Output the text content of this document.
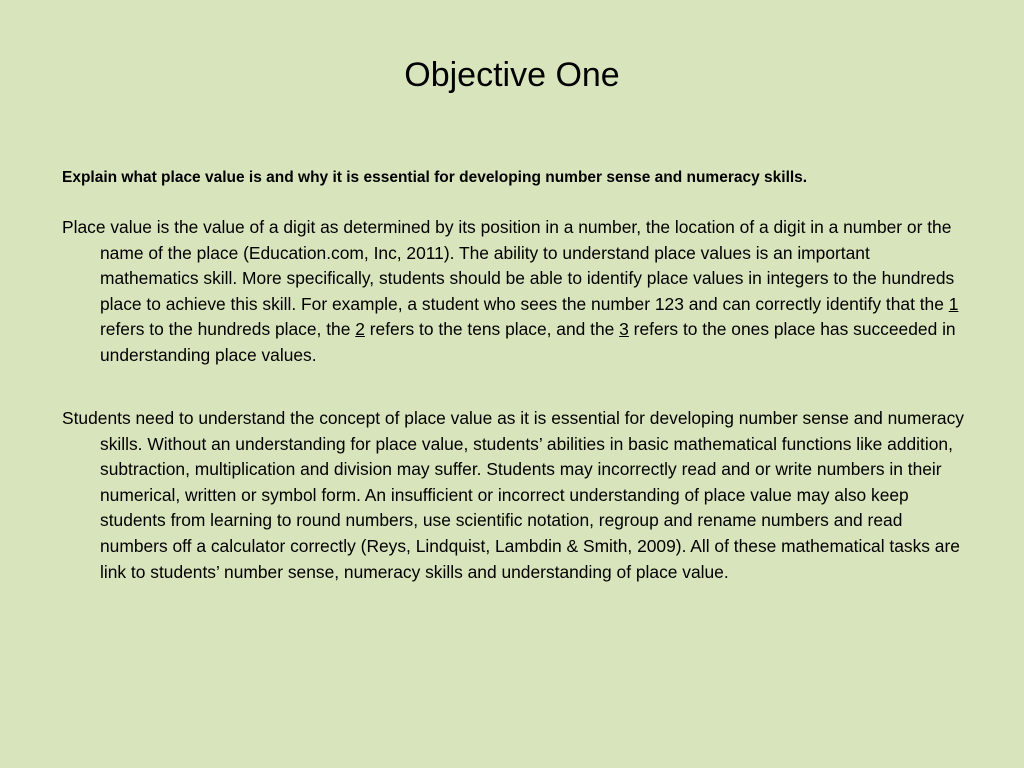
Objective One

Explain what place value is and why it is essential for developing number sense and numeracy skills.

Place value is the value of a digit as determined by its position in a number, the location of a digit in a number or the name of the place (Education.com, Inc, 2011). The ability to understand place values is an important mathematics skill. More specifically, students should be able to identify place values in integers to the hundreds place to achieve this skill. For example, a student who sees the number 123 and can correctly identify that the 1 refers to the hundreds place, the 2 refers to the tens place, and the 3 refers to the ones place has succeeded in understanding place values.

Students need to understand the concept of place value as it is essential for developing number sense and numeracy skills. Without an understanding for place value, students’ abilities in basic mathematical functions like addition, subtraction, multiplication and division may suffer. Students may incorrectly read and or write numbers in their numerical, written or symbol form. An insufficient or incorrect understanding of place value may also keep students from learning to round numbers, use scientific notation, regroup and rename numbers and read numbers off a calculator correctly (Reys, Lindquist, Lambdin & Smith, 2009). All of these mathematical tasks are link to students’ number sense, numeracy skills and understanding of place value.
